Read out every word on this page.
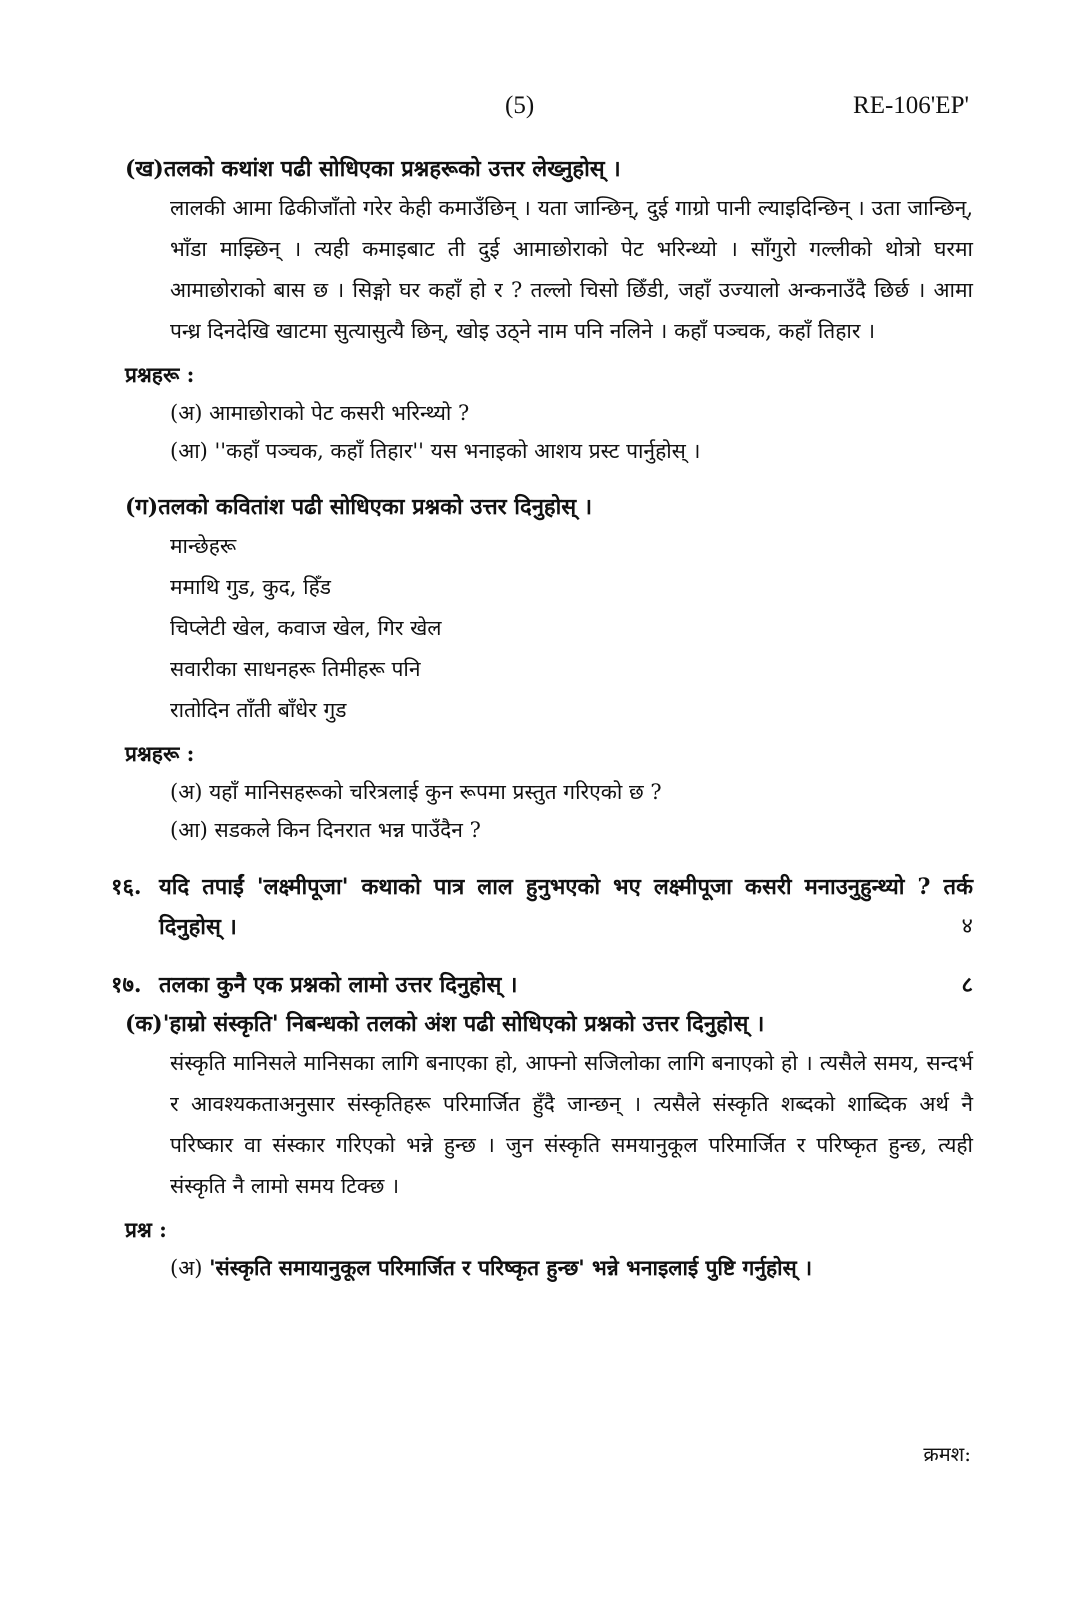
(5)	RE-106'EP'
(ख) तलको कथांश पढी सोधिएका प्रश्नहरूको उत्तर लेख्नुहोस् ।
लालकी आमा ढिकीजाँतो गरेर केही कमाउँछिन् । यता जान्छिन्, दुई गाग्रो पानी ल्याइदिन्छिन् । उता जान्छिन्, भाँडा माझ्छिन् । त्यही कमाइबाट ती दुई आमाछोराको पेट भरिन्थ्यो । साँगुरो गल्लीको थोत्रो घरमा आमाछोराको बास छ । सिङ्गो घर कहाँ हो र ? तल्लो चिसो छिँडी, जहाँ उज्यालो अन्कनाउँदै छिर्छ । आमा पन्ध्र दिनदेखि खाटमा सुत्यासुत्यै छिन्, खोइ उठ्ने नाम पनि नलिने । कहाँ पञ्चक, कहाँ तिहार ।
प्रश्नहरू :
(अ) आमाछोराको पेट कसरी भरिन्थ्यो ?
(आ) ''कहाँ पञ्चक, कहाँ तिहार'' यस भनाइको आशय प्रस्ट पार्नुहोस् ।
(ग) तलको कवितांश पढी सोधिएका प्रश्नको उत्तर दिनुहोस् ।
मान्छेहरू
ममाथि गुड, कुद, हिँड
चिप्लेटी खेल, कवाज खेल, गिर खेल
सवारीका साधनहरू तिमीहरू पनि
रातोदिन ताँती बाँधेर गुड
प्रश्नहरू :
(अ) यहाँ मानिसहरूको चरित्रलाई कुन रूपमा प्रस्तुत गरिएको छ ?
(आ) सडकले किन दिनरात भन्न पाउँदैन ?
१६. यदि तपाईं 'लक्ष्मीपूजा' कथाको पात्र लाल हुनुभएको भए लक्ष्मीपूजा कसरी मनाउनुहुन्थ्यो ? तर्क दिनुहोस् ।	४
१७. तलका कुनै एक प्रश्नको लामो उत्तर दिनुहोस् ।	८
(क) 'हाम्रो संस्कृति' निबन्धको तलको अंश पढी सोधिएको प्रश्नको उत्तर दिनुहोस् ।
संस्कृति मानिसले मानिसका लागि बनाएका हो, आफ्नो सजिलोका लागि बनाएको हो । त्यसैले समय, सन्दर्भ र आवश्यकताअनुसार संस्कृतिहरू परिमार्जित हुँदै जान्छन् । त्यसैले संस्कृति शब्दको शाब्दिक अर्थ नै परिष्कार वा संस्कार गरिएको भन्ने हुन्छ । जुन संस्कृति समयानुकूल परिमार्जित र परिष्कृत हुन्छ, त्यही संस्कृति नै लामो समय टिक्छ ।
प्रश्न :
(अ) 'संस्कृति समायानुकूल परिमार्जित र परिष्कृत हुन्छ' भन्ने भनाइलाई पुष्टि गर्नुहोस् ।
क्रमश:
